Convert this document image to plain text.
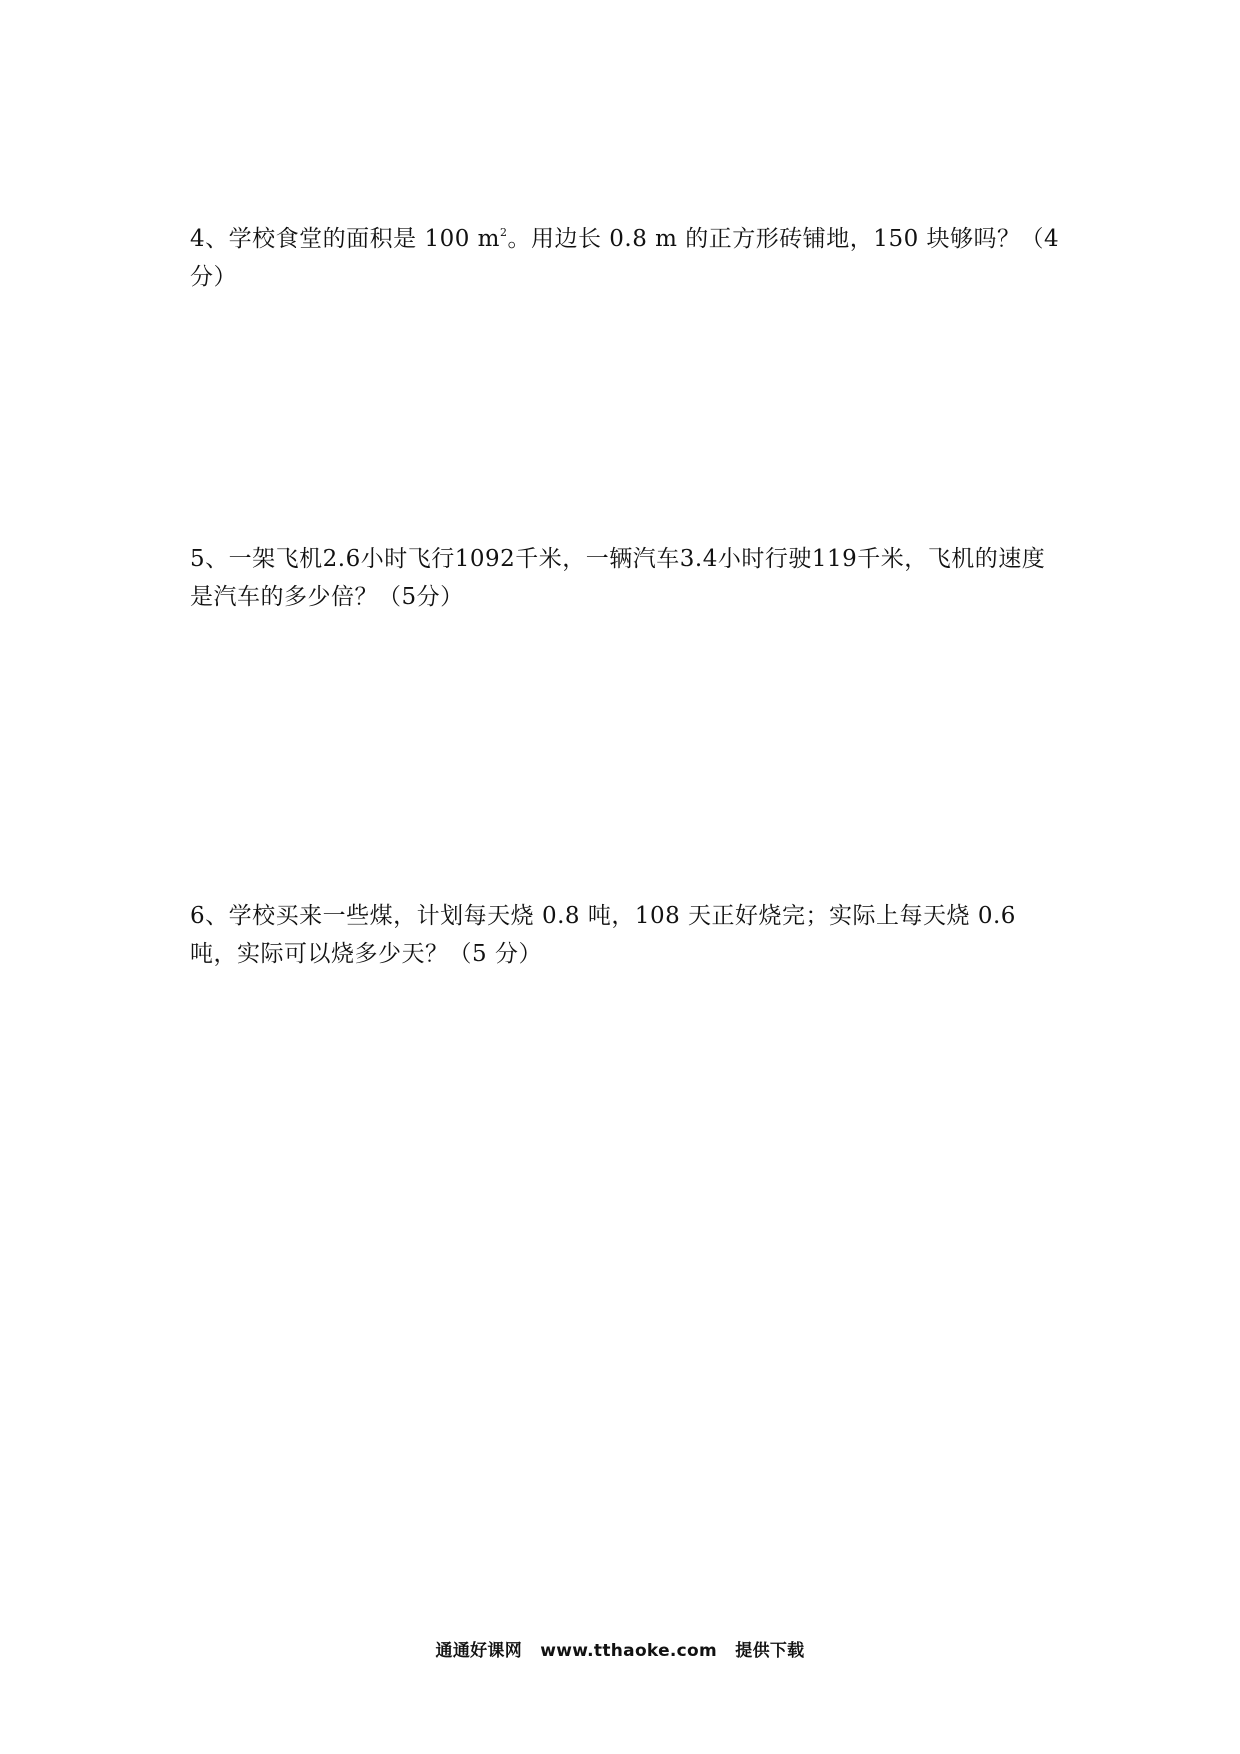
4、学校食堂的面积是 100 $m^2$。用边长 0.8 m 的正方形砖铺地，150 块够吗？（4 分）

5、一架飞机2.6小时飞行1092千米，一辆汽车3.4小时行驶119千米，飞机的速度是汽车的多少倍？（5分）

6、学校买来一些煤，计划每天烧 0.8 吨，108 天正好烧完；实际上每天烧 0.6 吨，实际可以烧多少天？（5 分）

通通好课网 www.tthaoke.com 提供下载
